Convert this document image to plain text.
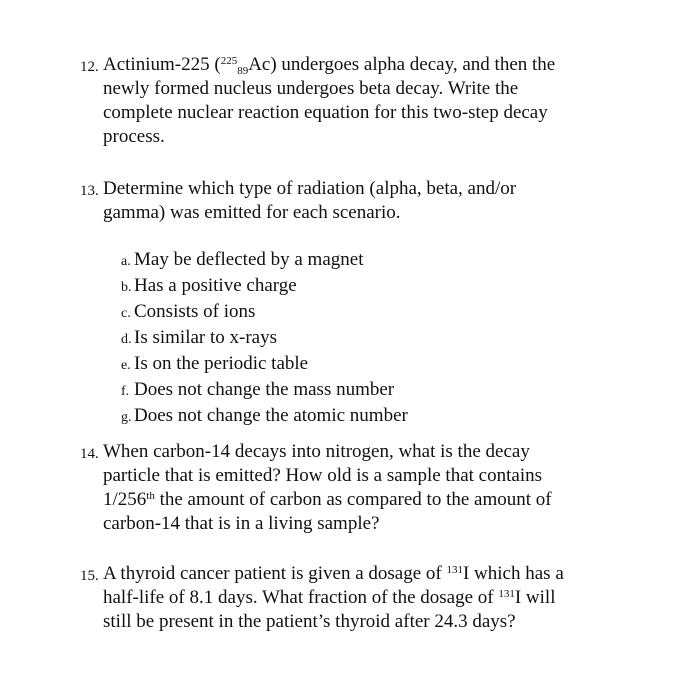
12. Actinium-225 ($^{225}_{89}$Ac) undergoes alpha decay, and then the
newly formed nucleus undergoes beta decay. Write the
complete nuclear reaction equation for this two-step decay
process.
13. Determine which type of radiation (alpha, beta, and/or
gamma) was emitted for each scenario.
a. May be deflected by a magnet
b. Has a positive charge
c. Consists of ions
d. Is similar to x-rays
e. Is on the periodic table
f. Does not change the mass number
g. Does not change the atomic number
14. When carbon-14 decays into nitrogen, what is the decay
particle that is emitted? How old is a sample that contains
1/256th the amount of carbon as compared to the amount of
carbon-14 that is in a living sample?
15. A thyroid cancer patient is given a dosage of $^{131}$I which has a
half-life of 8.1 days. What fraction of the dosage of $^{131}$I will
still be present in the patient’s thyroid after 24.3 days?
